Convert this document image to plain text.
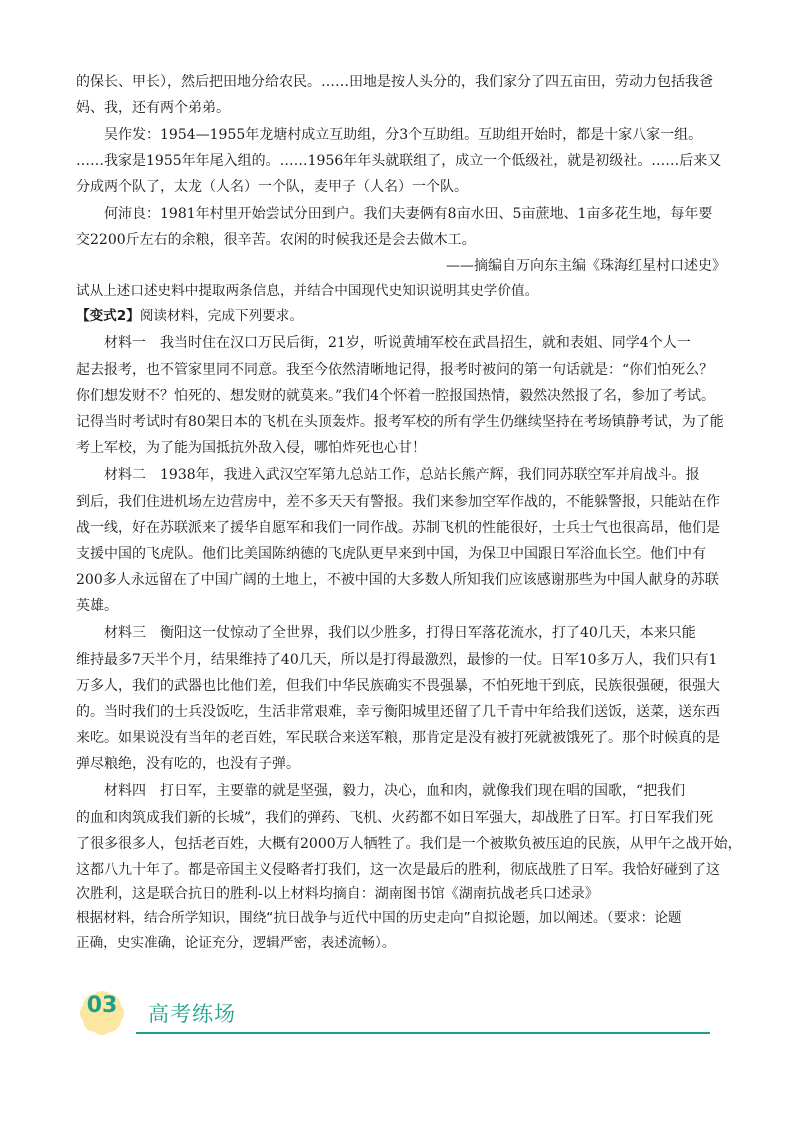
的保长、甲长），然后把田地分给农民。……田地是按人头分的，我们家分了四五亩田，劳动力包括我爸
妈、我，还有两个弟弟。
吴作发：1954—1955年龙塘村成立互助组，分3个互助组。互助组开始时，都是十家八家一组。
……我家是1955年年尾入组的。……1956年年头就联组了，成立一个低级社，就是初级社。……后来又
分成两个队了，太龙（人名）一个队，麦甲子（人名）一个队。
何沛良：1981年村里开始尝试分田到户。我们夫妻俩有8亩水田、5亩蔗地、1亩多花生地，每年要
交2200斤左右的余粮，很辛苦。农闲的时候我还是会去做木工。
——摘编自万向东主编《珠海红星村口述史》
试从上述口述史料中提取两条信息，并结合中国现代史知识说明其史学价值。
【变式2】阅读材料，完成下列要求。
材料一　我当时住在汉口万民后街，21岁，听说黄埔军校在武昌招生，就和表姐、同学4个人一
起去报考，也不管家里同不同意。我至今依然清晰地记得，报考时被问的第一句话就是：“你们怕死么？
你们想发财不？怕死的、想发财的就莫来。”我们4个怀着一腔报国热情，毅然决然报了名，参加了考试。
记得当时考试时有80架日本的飞机在头顶轰炸。报考军校的所有学生仍继续坚持在考场镇静考试，为了能
考上军校，为了能为国抵抗外敌入侵，哪怕炸死也心甘！
材料二　1938年，我进入武汉空军第九总站工作，总站长熊产辉，我们同苏联空军并肩战斗。报
到后，我们住进机场左边营房中，差不多天天有警报。我们来参加空军作战的，不能躲警报，只能站在作
战一线，好在苏联派来了援华自愿军和我们一同作战。苏制飞机的性能很好，士兵士气也很高昂，他们是
支援中国的飞虎队。他们比美国陈纳德的飞虎队更早来到中国，为保卫中国跟日军浴血长空。他们中有
200多人永远留在了中国广阔的土地上，不被中国的大多数人所知我们应该感谢那些为中国人献身的苏联
英雄。
材料三　衡阳这一仗惊动了全世界，我们以少胜多，打得日军落花流水，打了40几天，本来只能
维持最多7天半个月，结果维持了40几天，所以是打得最激烈，最惨的一仗。日军10多万人，我们只有1
万多人，我们的武器也比他们差，但我们中华民族确实不畏强暴，不怕死地干到底，民族很强硬，很强大
的。当时我们的士兵没饭吃，生活非常艰难，幸亏衡阳城里还留了几千青中年给我们送饭，送菜，送东西
来吃。如果说没有当年的老百姓，军民联合来送军粮，那肯定是没有被打死就被饿死了。那个时候真的是
弹尽粮绝，没有吃的，也没有子弹。
材料四　打日军，主要靠的就是坚强，毅力，决心，血和肉，就像我们现在唱的国歌，“把我们
的血和肉筑成我们新的长城”，我们的弹药、飞机、火药都不如日军强大，却战胜了日军。打日军我们死
了很多很多人，包括老百姓，大概有2000万人牺牲了。我们是一个被欺负被压迫的民族，从甲午之战开始，
这都八九十年了。都是帝国主义侵略者打我们，这一次是最后的胜利，彻底战胜了日军。我恰好碰到了这
次胜利，这是联合抗日的胜利-以上材料均摘自：湖南图书馆《湖南抗战老兵口述录》
根据材料，结合所学知识，围绕“抗日战争与近代中国的历史走向”自拟论题，加以阐述。（要求：论题
正确，史实准确，论证充分，逻辑严密，表述流畅）。
03	高考练场
